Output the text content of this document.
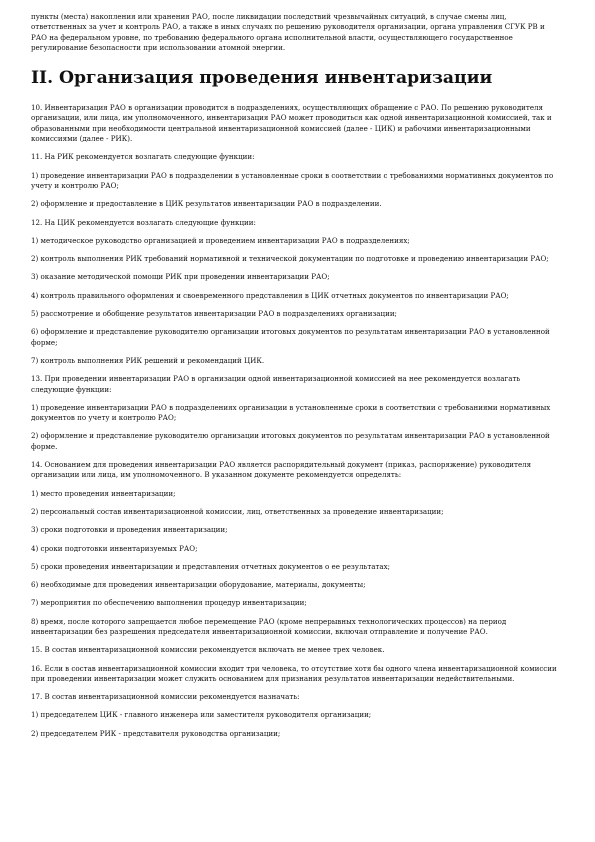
пункты (места) накопления или хранения РАО, после ликвидации последствий чрезвычайных ситуаций, в случае смены лиц, ответственных за учет и контроль РАО, а также в иных случаях по решению руководителя организации, органа управления СГУК РВ и РАО на федеральном уровне, по требованию федерального органа исполнительной власти, осуществляющего государственное регулирование безопасности при использовании атомной энергии.

II. Организация проведения инвентаризации

10. Инвентаризация РАО в организации проводится в подразделениях, осуществляющих обращение с РАО. По решению руководителя организации, или лица, им уполномоченного, инвентаризация РАО может проводиться как одной инвентаризационной комиссией, так и образованными при необходимости центральной инвентаризационной комиссией (далее - ЦИК) и рабочими инвентаризационными комиссиями (далее - РИК).

11. На РИК рекомендуется возлагать следующие функции:

1) проведение инвентаризации РАО в подразделении в установленные сроки в соответствии с требованиями нормативных документов по учету и контролю РАО;

2) оформление и предоставление в ЦИК результатов инвентаризации РАО в подразделении.

12. На ЦИК рекомендуется возлагать следующие функции:

1) методическое руководство организацией и проведением инвентаризации РАО в подразделениях;

2) контроль выполнения РИК требований нормативной и технической документации по подготовке и проведению инвентаризации РАО;

3) оказание методической помощи РИК при проведении инвентаризации РАО;

4) контроль правильного оформления и своевременного представления в ЦИК отчетных документов по инвентаризации РАО;

5) рассмотрение и обобщение результатов инвентаризации РАО в подразделениях организации;

6) оформление и представление руководителю организации итоговых документов по результатам инвентаризации РАО в установленной форме;

7) контроль выполнения РИК решений и рекомендаций ЦИК.

13. При проведении инвентаризации РАО в организации одной инвентаризационной комиссией на нее рекомендуется возлагать следующие функции:

1) проведение инвентаризации РАО в подразделениях организации в установленные сроки в соответствии с требованиями нормативных документов по учету и контролю РАО;

2) оформление и представление руководителю организации итоговых документов по результатам инвентаризации РАО в установленной форме.

14. Основанием для проведения инвентаризации РАО является распорядительный документ (приказ, распоряжение) руководителя организации или лица, им уполномоченного. В указанном документе рекомендуется определять:

1) место проведения инвентаризации;

2) персональный состав инвентаризационной комиссии, лиц, ответственных за проведение инвентаризации;

3) сроки подготовки и проведения инвентаризации;

4) сроки подготовки инвентаризуемых РАО;

5) сроки проведения инвентаризации и представления отчетных документов о ее результатах;

6) необходимые для проведения инвентаризации оборудование, материалы, документы;

7) мероприятия по обеспечению выполнения процедур инвентаризации;

8) время, после которого запрещается любое перемещение РАО (кроме непрерывных технологических процессов) на период инвентаризации без разрешения председателя инвентаризационной комиссии, включая отправление и получение РАО.

15. В состав инвентаризационной комиссии рекомендуется включать не менее трех человек.

16. Если в состав инвентаризационной комиссии входит три человека, то отсутствие хотя бы одного члена инвентаризационной комиссии при проведении инвентаризации может служить основанием для признания результатов инвентаризации недействительными.

17. В состав инвентаризационной комиссии рекомендуется назначать:

1) председателем ЦИК - главного инженера или заместителя руководителя организации;

2) председателем РИК - представителя руководства организации;
